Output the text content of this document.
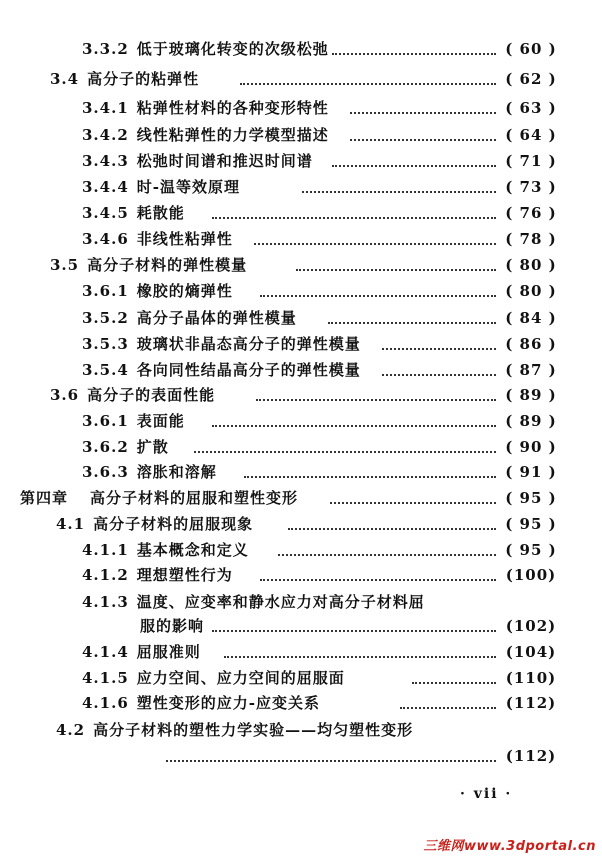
3.3.2 低于玻璃化转变的次级松弛	( 60 )
3.4 高分子的粘弹性	( 62 )
3.4.1 粘弹性材料的各种变形特性	( 63 )
3.4.2 线性粘弹性的力学模型描述	( 64 )
3.4.3 松弛时间谱和推迟时间谱	( 71 )
3.4.4 时-温等效原理	( 73 )
3.4.5 耗散能	( 76 )
3.4.6 非线性粘弹性	( 78 )
3.5 高分子材料的弹性模量	( 80 )
3.6.1 橡胶的熵弹性	( 80 )
3.5.2 高分子晶体的弹性模量	( 84 )
3.5.3 玻璃状非晶态高分子的弹性模量	( 86 )
3.5.4 各向同性结晶高分子的弹性模量	( 87 )
3.6 高分子的表面性能	( 89 )
3.6.1 表面能	( 89 )
3.6.2 扩散	( 90 )
3.6.3 溶胀和溶解	( 91 )
第四章 高分子材料的屈服和塑性变形	( 95 )
4.1 高分子材料的屈服现象	( 95 )
4.1.1 基本概念和定义	( 95 )
4.1.2 理想塑性行为	(100)
4.1.3 温度、应变率和静水应力对高分子材料屈
服的影响	(102)
4.1.4 屈服准则	(104)
4.1.5 应力空间、应力空间的屈服面	(110)
4.1.6 塑性变形的应力-应变关系	(112)
4.2 高分子材料的塑性力学实验——均匀塑性变形
(112)
· vii ·
三维网www.3dportal.cn
